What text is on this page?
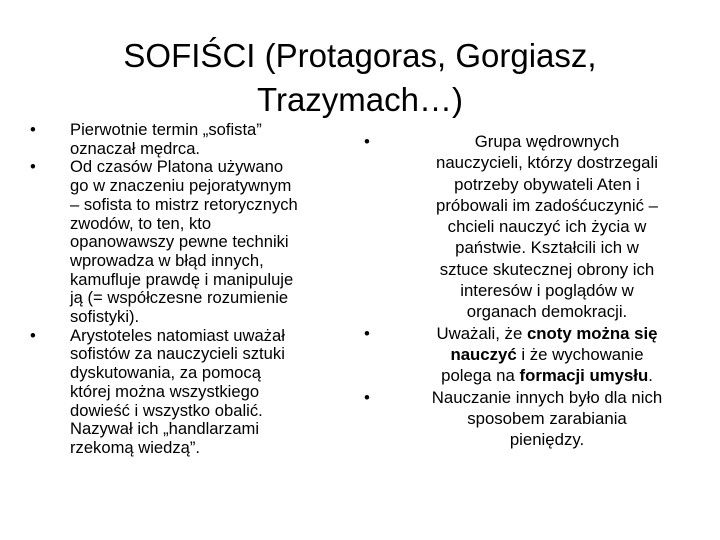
SOFIŚCI (Protagoras, Gorgiasz,
Trazymach…)
• Pierwotnie termin „sofista”
oznaczał mędrca.
• Od czasów Platona używano
go w znaczeniu pejoratywnym
– sofista to mistrz retorycznych
zwodów, to ten, kto
opanowawszy pewne techniki
wprowadza w błąd innych,
kamufluje prawdę i manipuluje
ją (= współczesne rozumienie
sofistyki).
• Arystoteles natomiast uważał
sofistów za nauczycieli sztuki
dyskutowania, za pomocą
której można wszystkiego
dowieść i wszystko obalić.
Nazywał ich „handlarzami
rzekomą wiedzą”.
•	Grupa wędrownych
nauczycieli, którzy dostrzegali
potrzeby obywateli Aten i
próbowali im zadośćuczynić –
chcieli nauczyć ich życia w
państwie. Kształcili ich w
sztuce skutecznej obrony ich
interesów i poglądów w
organach demokracji.
•	Uważali, że cnoty można się
nauczyć i że wychowanie
polega na formacji umysłu.
•	Nauczanie innych było dla nich
sposobem zarabiania
pieniędzy.
